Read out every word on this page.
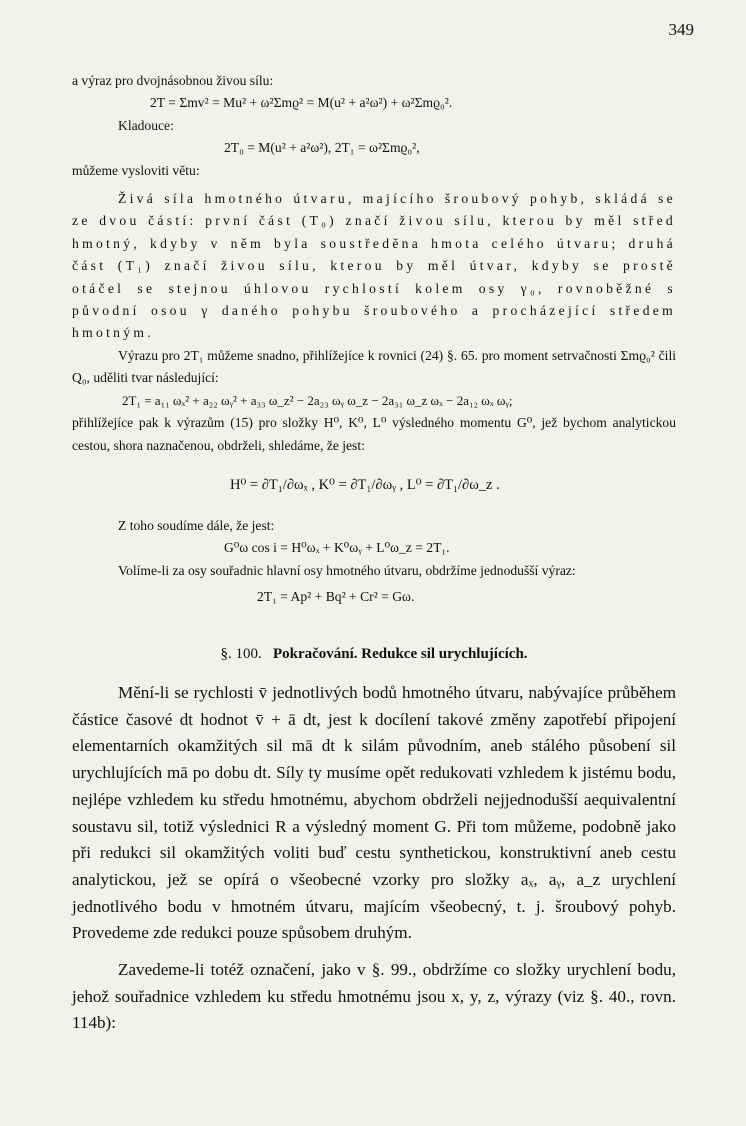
349

a výraz pro dvojnásobnou živou sílu:

2T = Σmv² = Mu² + ω²Σmϱ² = M(u² + a²ω²) + ω²Σmϱ₀².

Kladouce:

2T₀ = M(u² + a²ω²), 2T₁ = ω²Σmϱ₀²,

můžeme vysloviti větu:

Živá síla hmotného útvaru, majícího šroubový pohyb, skládá se ze dvou částí: první část (T₀) značí živou sílu, kterou by měl střed hmotný, kdyby v něm byla soustředěna hmota celého útvaru; druhá část (T₁) značí živou sílu, kterou by měl útvar, kdyby se prostě otáčel se stejnou úhlovou rychlostí kolem osy γ₀, rovnoběžné s původní osou γ daného pohybu šroubového a procházející středem hmotným.

Výrazu pro 2T₁ můžeme snadno, přihlížejíce k rovnici (24) §. 65. pro moment setrvačnosti Σmϱ₀² čili Q₀, uděliti tvar následující:

2T₁ = a₁₁ ωₓ² + a₂₂ ωᵧ² + a₃₃ ω_z² − 2a₂₃ ωᵧ ω_z − 2a₃₁ ω_z ωₓ − 2a₁₂ ωₓ ωᵧ;

přihlížejíce pak k výrazům (15) pro složky H⁰, K⁰, L⁰ výsledného momentu G⁰, jež bychom analytickou cestou, shora naznačenou, obdrželi, shledáme, že jest:

H⁰ = ∂T₁/∂ωₓ , K⁰ = ∂T₁/∂ωᵧ , L⁰ = ∂T₁/∂ω_z .

Z toho soudíme dále, že jest:

G⁰ω cos i = H⁰ωₓ + K⁰ωᵧ + L⁰ω_z = 2T₁.

Volíme-li za osy souřadnic hlavní osy hmotného útvaru, obdržíme jednodušší výraz:

2T₁ = Ap² + Bq² + Cr² = Gω.
§. 100. Pokračování. Redukce sil urychlujících.

Mění-li se rychlosti v̄ jednotlivých bodů hmotného útvaru, nabývajíce průběhem částice časové dt hodnot v̄ + ā dt, jest k docílení takové změny zapotřebí připojení elementarních okamžitých sil mā dt k silám původním, aneb stálého působení sil urychlujících mā po dobu dt. Síly ty musíme opět redukovati vzhledem k jistému bodu, nejlépe vzhledem ku středu hmotnému, abychom obdrželi nejjednodušší aequivalentní soustavu sil, totiž výslednici R a výsledný moment G. Při tom můžeme, podobně jako při redukci sil okamžitých voliti buď cestu synthetickou, konstruktivní aneb cestu analytickou, jež se opírá o všeobecné vzorky pro složky aₓ, aᵧ, a_z urychlení jednotlivého bodu v hmotném útvaru, majícím všeobecný, t. j. šroubový pohyb. Provedeme zde redukci pouze spůsobem druhým.

Zavedeme-li totéž označení, jako v §. 99., obdržíme co složky urychlení bodu, jehož souřadnice vzhledem ku středu hmotnému jsou x, y, z, výrazy (viz §. 40., rovn. 114b):
